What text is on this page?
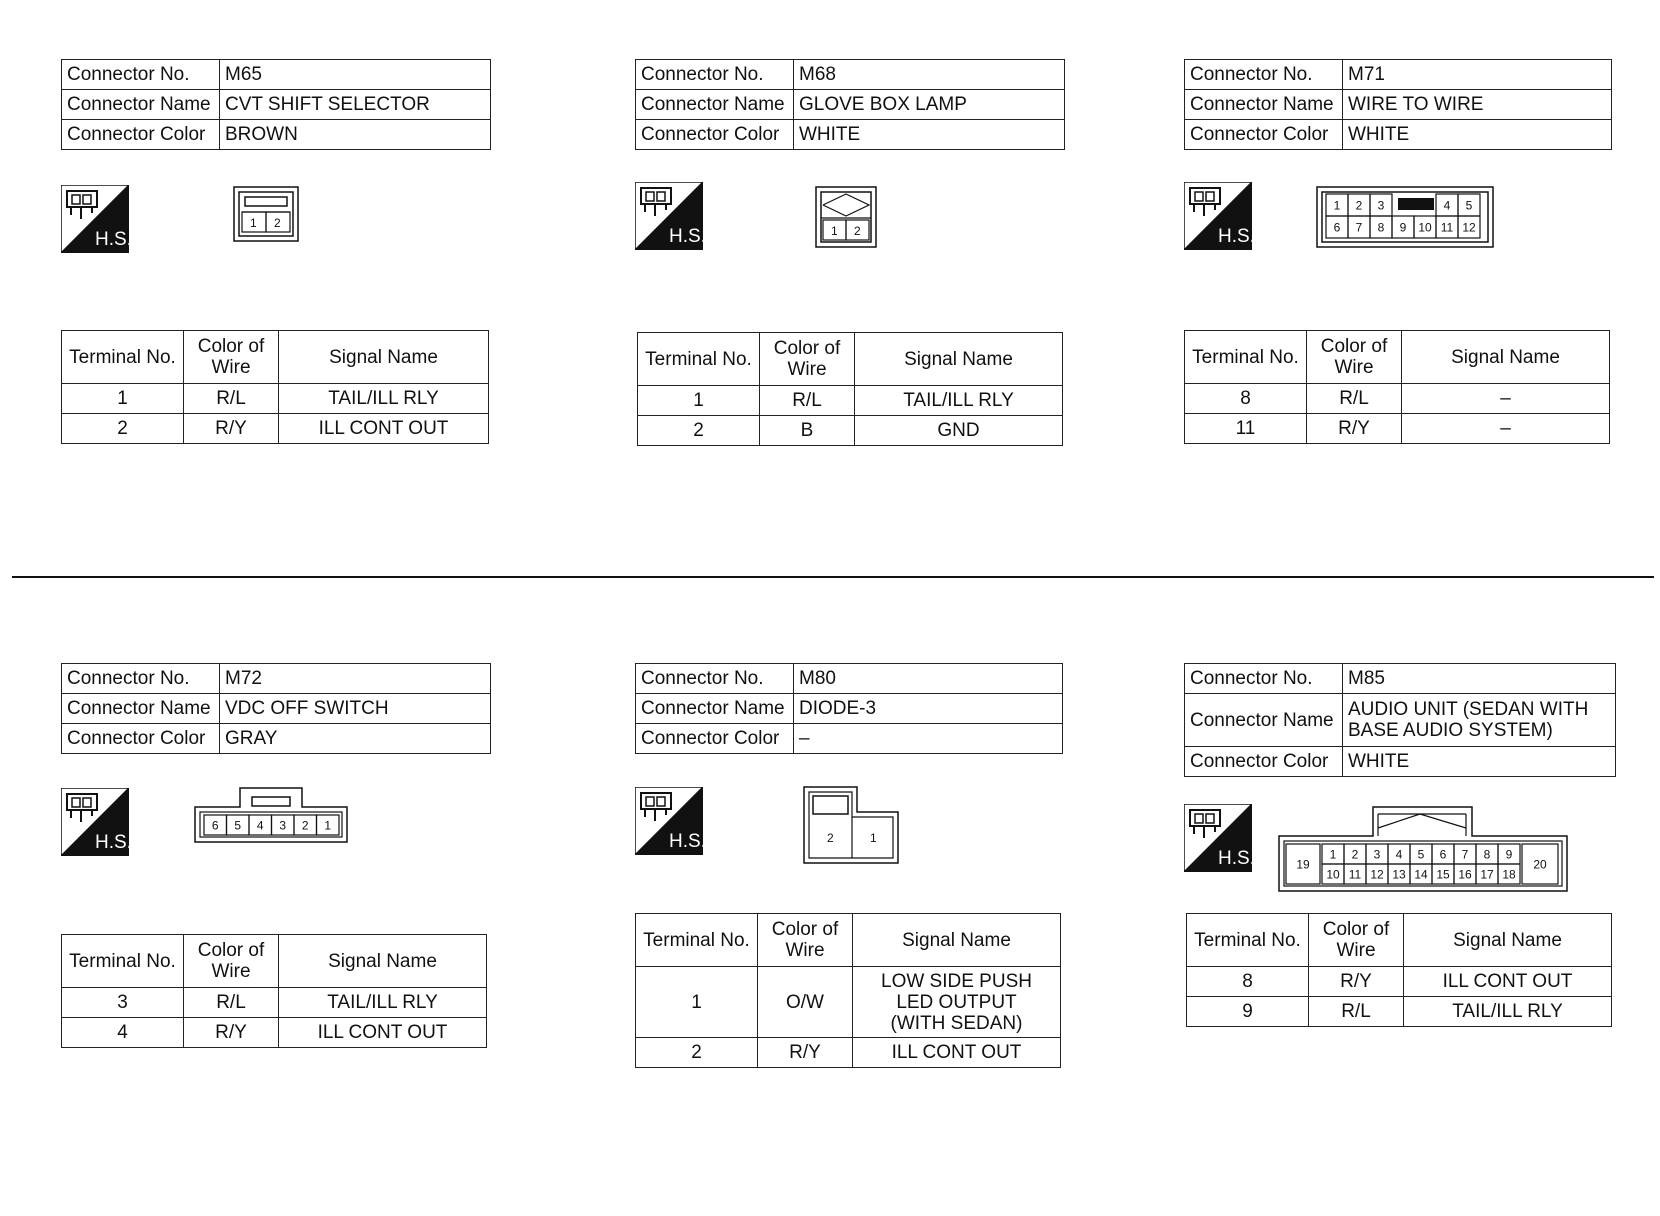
Connector No.	M65
Connector Name	CVT SHIFT SELECTOR
Connector Color	BROWN
H.S.
1 2
Terminal No.	Color of Wire	Signal Name
1	R/L	TAIL/ILL RLY
2	R/Y	ILL CONT OUT
Connector No.	M68
Connector Name	GLOVE BOX LAMP
Connector Color	WHITE
H.S.	1 2
Terminal No.	Color of Wire	Signal Name
1	R/L	TAIL/ILL RLY
2	B	GND
Connector No.	M71
Connector Name	WIRE TO WIRE
Connector Color	WHITE
H.S.
1 2 3	4 5
6 7 8 9 10 11 12
Terminal No.	Color of Wire	Signal Name
8	R/L	–
11	R/Y	–
Connector No.	M72
Connector Name	VDC OFF SWITCH
Connector Color	GRAY
H.S.
6 5 4 3 2 1
Terminal No.	Color of Wire	Signal Name
3	R/L	TAIL/ILL RLY
4	R/Y	ILL CONT OUT
Connector No.	M80
Connector Name	DIODE-3
Connector Color	–
H.S.	2	1
Terminal No.	Color of Wire	Signal Name
1	O/W	LOW SIDE PUSH LED OUTPUT (WITH SEDAN)
2	R/Y	ILL CONT OUT
Connector No.	M85
Connector Name	AUDIO UNIT (SEDAN WITH BASE AUDIO SYSTEM)
Connector Color	WHITE
H.S.	1 2 3 4 5 6 7 8 9
10 11 12 13 14 15 16 17 18
19	20
Terminal No.	Color of Wire	Signal Name
8	R/Y	ILL CONT OUT
9	R/L	TAIL/ILL RLY
